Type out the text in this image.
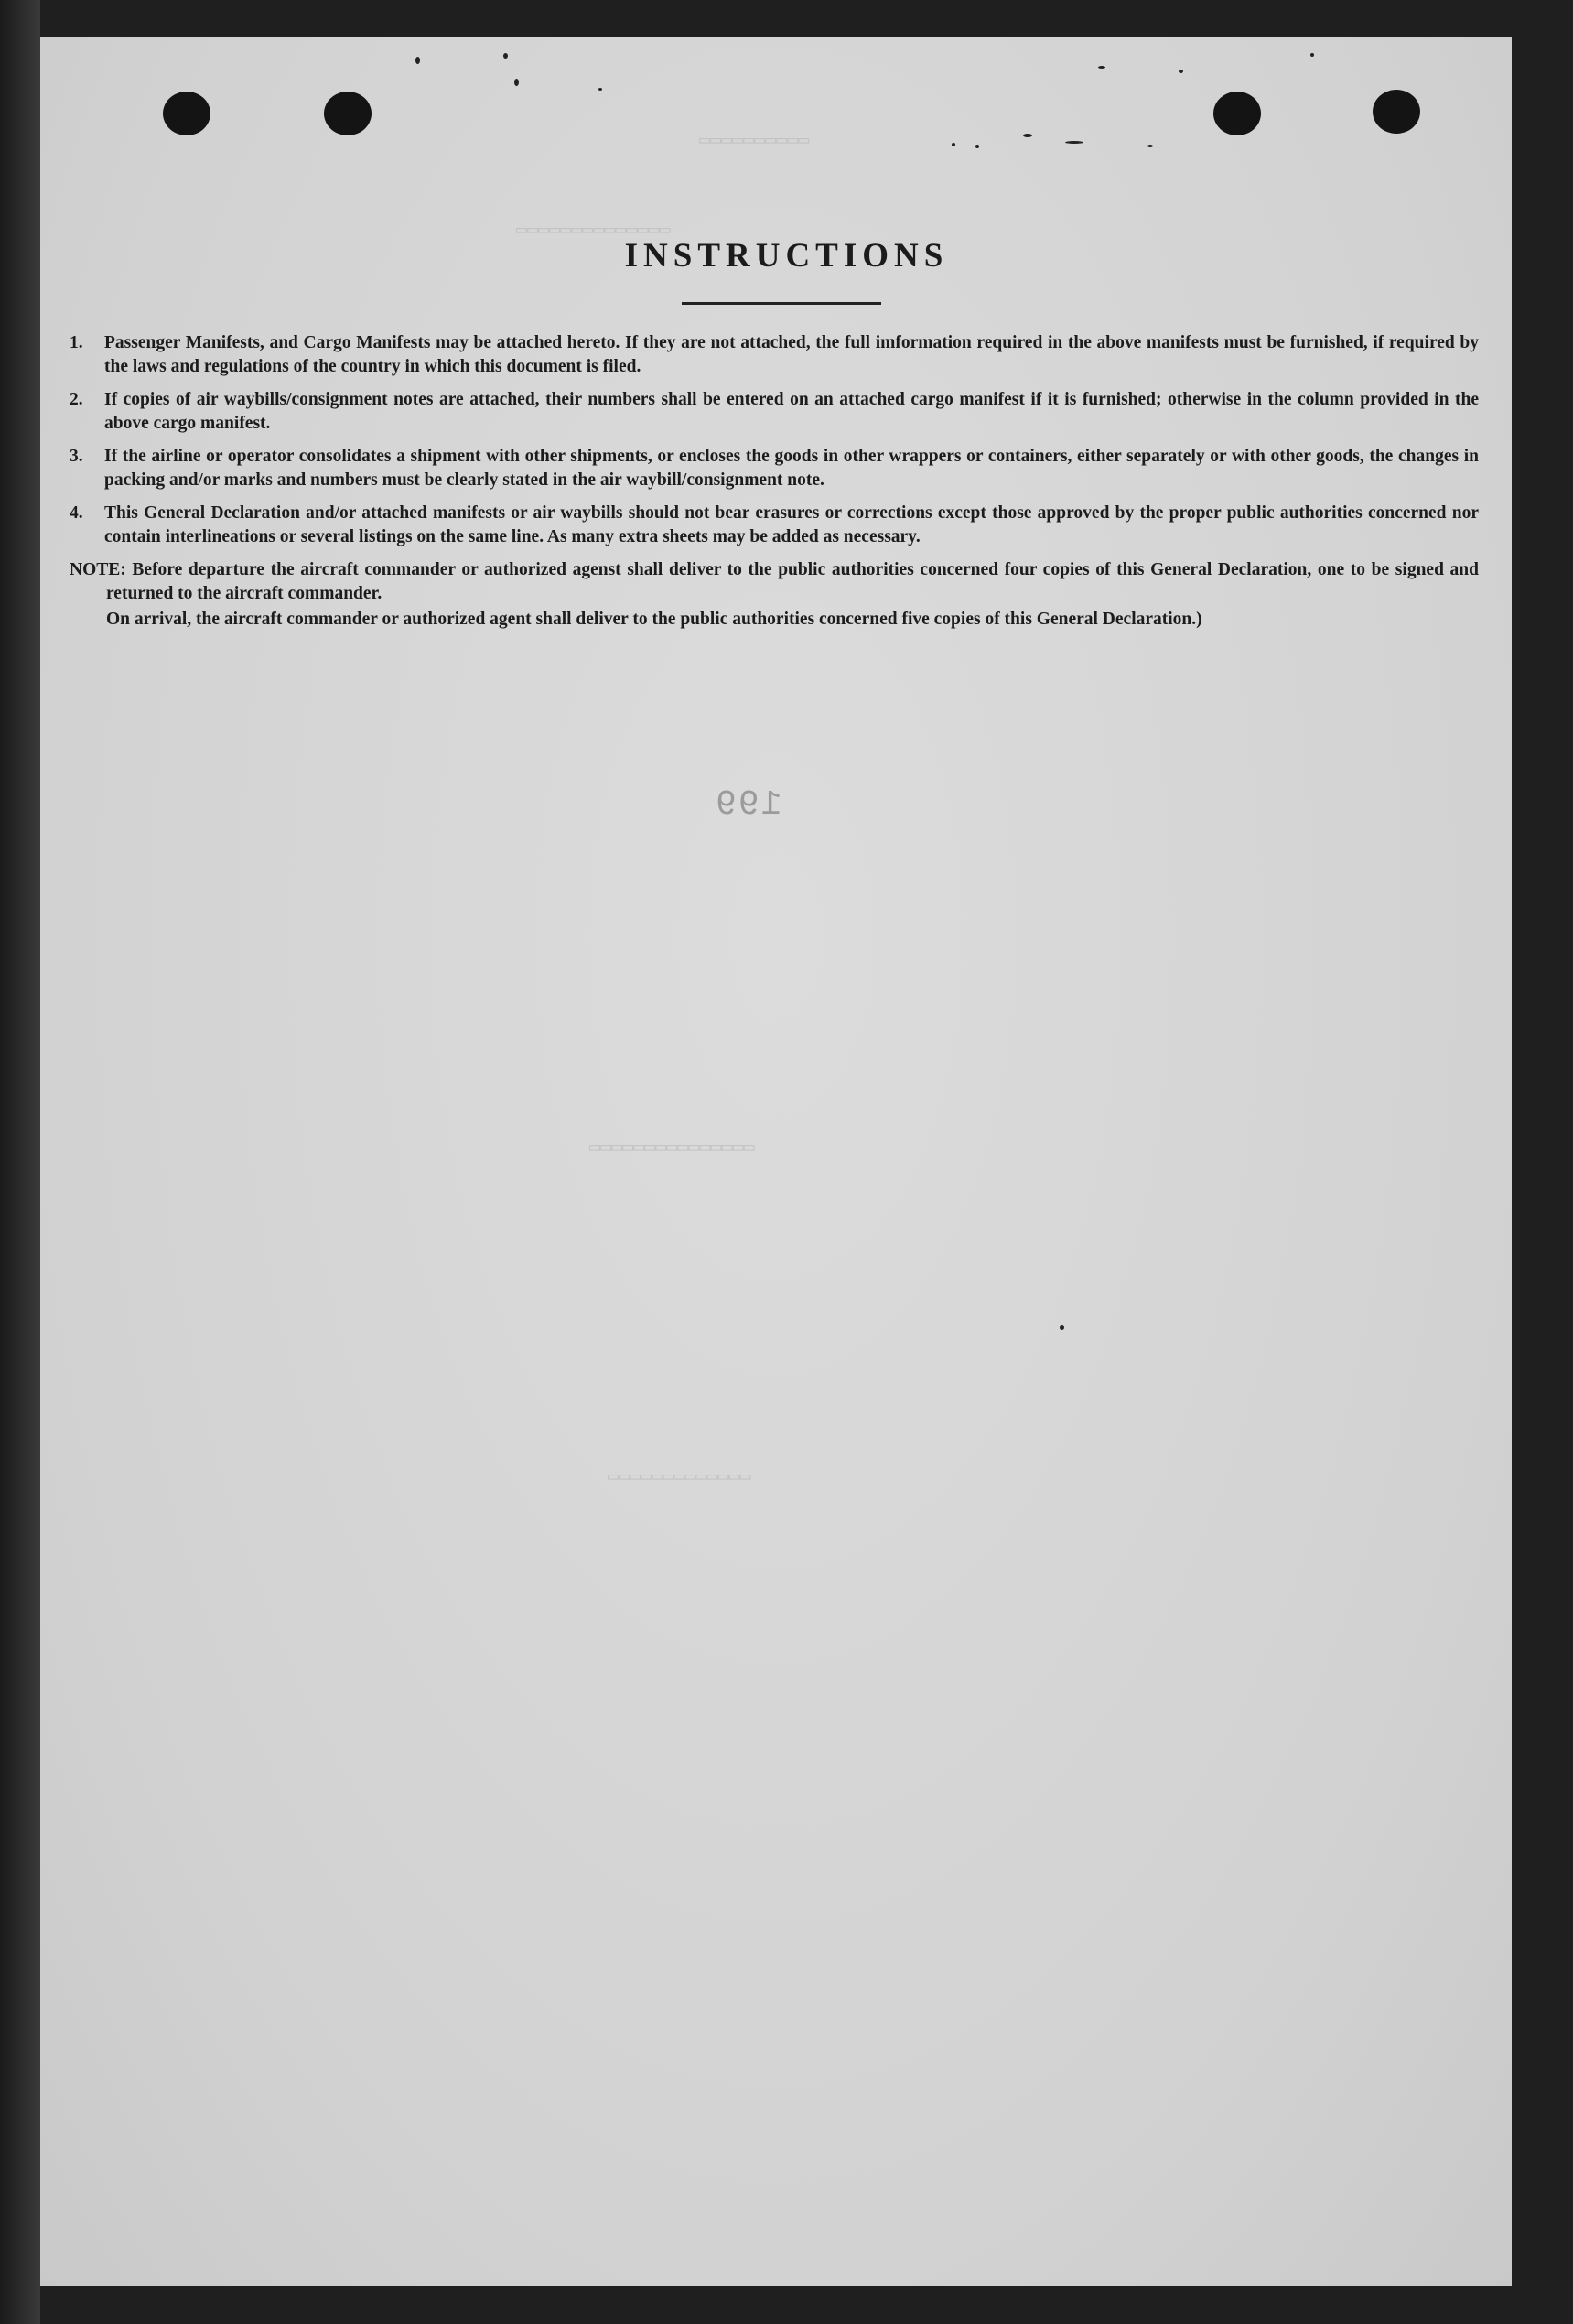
▭▭▭▭▭▭▭▭▭▭
▭▭▭▭▭▭▭▭▭▭▭▭▭▭
▭▭▭▭▭▭▭▭▭▭▭▭▭▭▭
▭▭▭▭▭▭▭▭▭▭▭▭▭
INSTRUCTIONS
1.	Passenger Manifests, and Cargo Manifests may be attached hereto. If they are not attached, the full imformation required in the above manifests must be furnished, if required by the laws and regulations of the country in which this document is filed.
2.	If copies of air waybills/consignment notes are attached, their numbers shall be entered on an attached cargo manifest if it is furnished; otherwise in the column provided in the above cargo manifest.
3.	If the airline or operator consolidates a shipment with other shipments, or encloses the goods in other wrappers or containers, either separately or with other goods, the changes in packing and/or marks and numbers must be clearly stated in the air waybill/consignment note.
4.	This General Declaration and/or attached manifests or air waybills should not bear erasures or corrections except those approved by the proper public authorities concerned nor contain interlineations or several listings on the same line. As many extra sheets may be added as necessary.
NOTE: Before departure the aircraft commander or authorized agenst shall deliver to the public authorities concerned four copies of this General Declaration, one to be signed and returned to the aircraft commander.
On arrival, the aircraft commander or authorized agent shall deliver to the public authorities concerned five copies of this General Declaration.)
199
